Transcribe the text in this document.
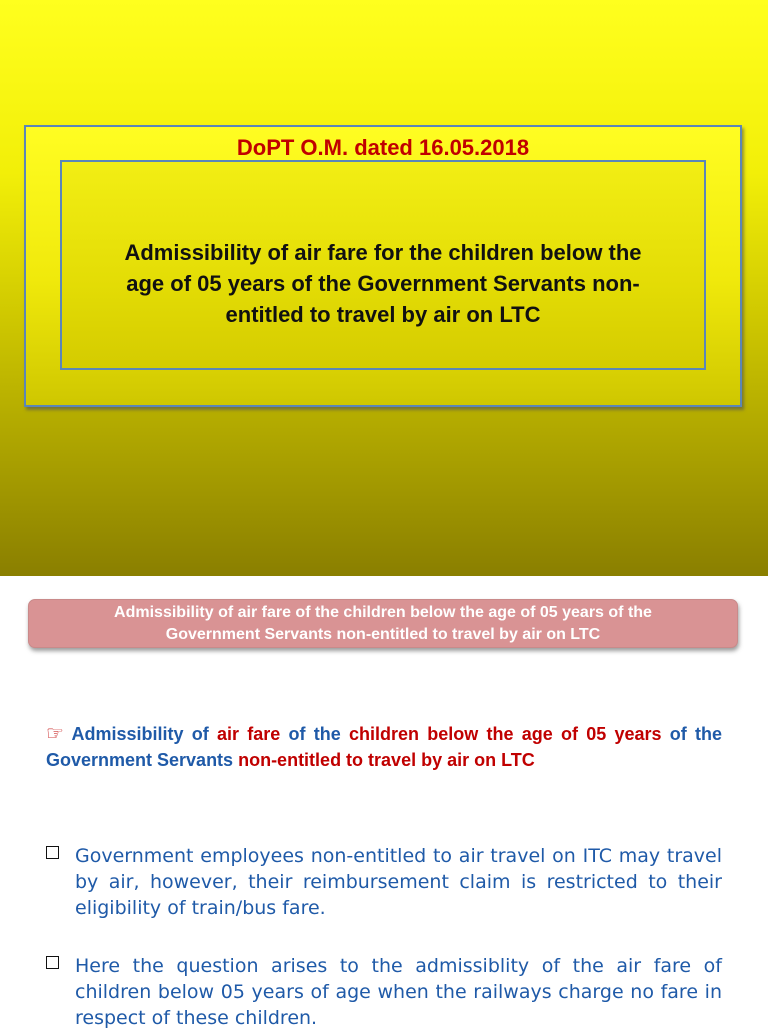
DoPT O.M. dated 16.05.2018
Admissibility of air fare for the children below the
age of 05 years of the Government Servants non-
entitled to travel by air on LTC
Admissibility of air fare of the children below the age of 05 years of the
Government Servants non-entitled to travel by air on LTC
☞ Admissibility of air fare of the children below the age of 05 years of the Government Servants non-entitled to travel by air on LTC
Government employees non-entitled to air travel on ITC may travel by air, however, their reimbursement claim is restricted to their eligibility of train/bus fare.
Here the question arises to the admissiblity of the air fare of children below 05 years of age when the railways charge no fare in respect of these children.
